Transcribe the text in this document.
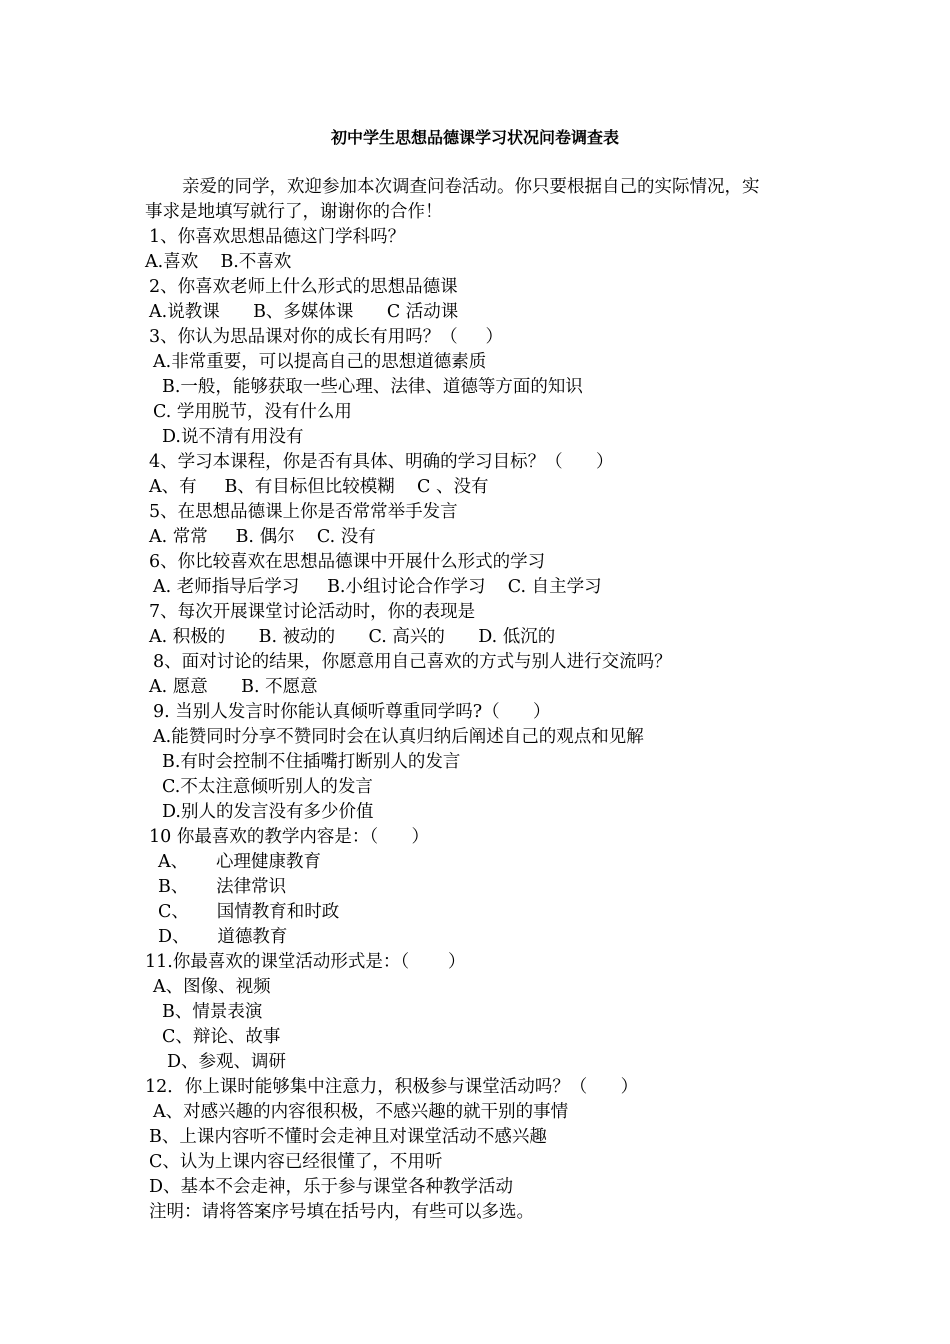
初中学生思想品德课学习状况问卷调查表
亲爱的同学，欢迎参加本次调查问卷活动。你只要根据自己的实际情况，实
事求是地填写就行了，谢谢你的合作！
1、你喜欢思想品德这门学科吗？
A.喜欢    B.不喜欢
2、你喜欢老师上什么形式的思想品德课
A.说教课      B、多媒体课      C 活动课
3、你认为思品课对你的成长有用吗？（     ）
A.非常重要，可以提高自己的思想道德素质
B.一般，能够获取一些心理、法律、道德等方面的知识
C. 学用脱节，没有什么用
D.说不清有用没有
4、学习本课程，你是否有具体、明确的学习目标？（      ）
A、有     B、有目标但比较模糊    C 、没有
5、在思想品德课上你是否常常举手发言
A. 常常     B. 偶尔    C. 没有
6、你比较喜欢在思想品德课中开展什么形式的学习
A. 老师指导后学习     B.小组讨论合作学习    C. 自主学习
7、每次开展课堂讨论活动时，你的表现是
A. 积极的      B. 被动的      C. 高兴的      D. 低沉的
8、面对讨论的结果，你愿意用自己喜欢的方式与别人进行交流吗？
A. 愿意      B. 不愿意
9. 当别人发言时你能认真倾听尊重同学吗?（      ）
A.能赞同时分享不赞同时会在认真归纳后阐述自己的观点和见解
B.有时会控制不住插嘴打断别人的发言
C.不太注意倾听别人的发言
D.别人的发言没有多少价值
10 你最喜欢的教学内容是：（      ）
A、     心理健康教育
B、     法律常识
C、     国情教育和时政
D、     道德教育
11.你最喜欢的课堂活动形式是：（       ）
A、图像、视频
B、情景表演
C、辩论、故事
D、参观、调研
12．你上课时能够集中注意力，积极参与课堂活动吗？（      ）
A、对感兴趣的内容很积极，不感兴趣的就干别的事情
B、上课内容听不懂时会走神且对课堂活动不感兴趣
C、认为上课内容已经很懂了，不用听
D、基本不会走神，乐于参与课堂各种教学活动
注明：请将答案序号填在括号内，有些可以多选。
